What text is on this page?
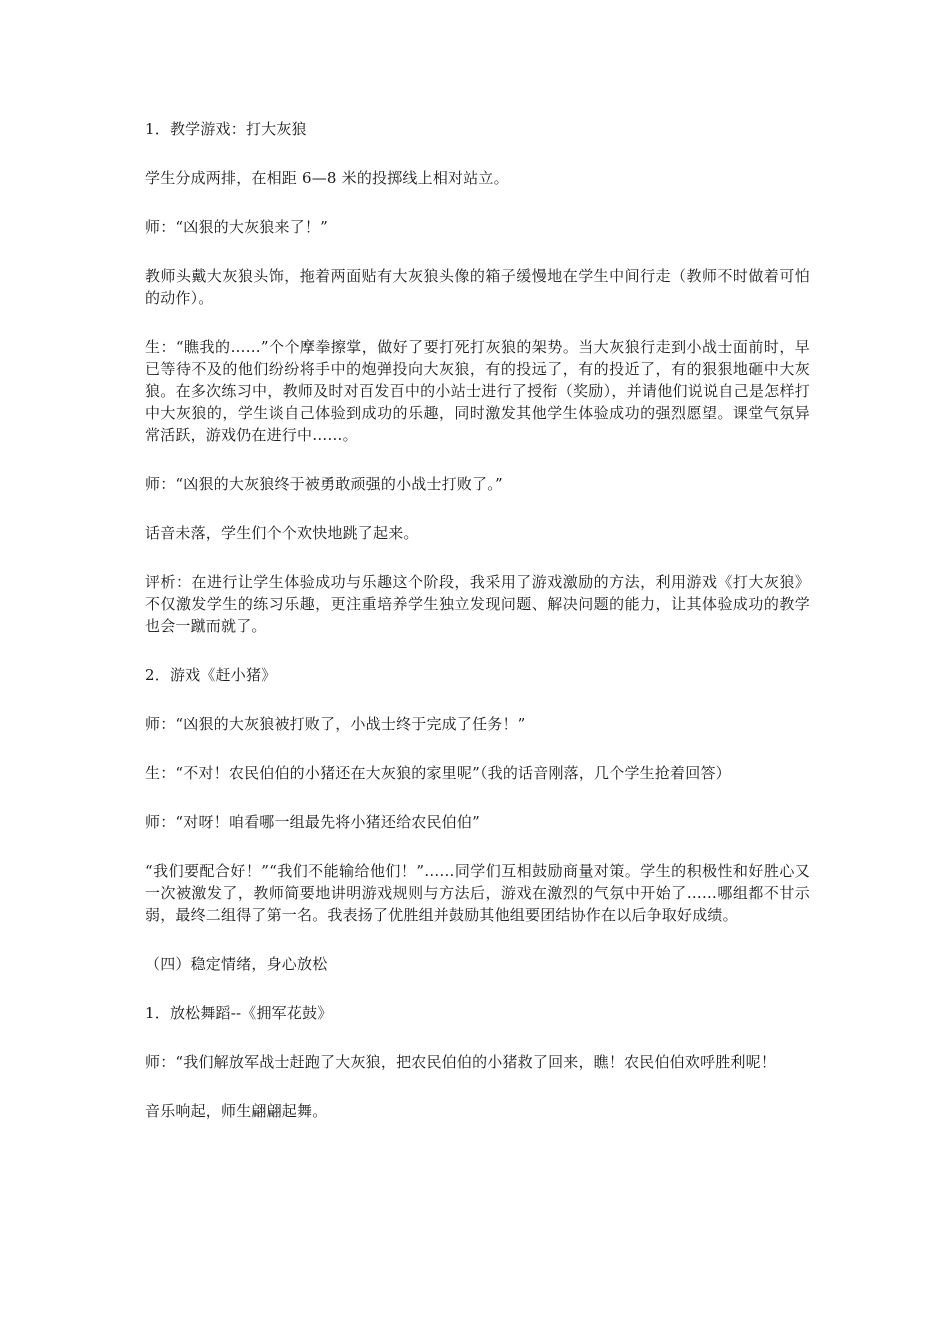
1．教学游戏：打大灰狼

学生分成两排，在相距 6—8 米的投掷线上相对站立。

师：“凶狠的大灰狼来了！”

教师头戴大灰狼头饰，拖着两面贴有大灰狼头像的箱子缓慢地在学生中间行走（教师不时做着可怕的动作）。

生：“瞧我的……”个个摩拳擦掌，做好了要打死打灰狼的架势。当大灰狼行走到小战士面前时，早已等待不及的他们纷纷将手中的炮弹投向大灰狼，有的投远了，有的投近了，有的狠狠地砸中大灰狼。在多次练习中，教师及时对百发百中的小站士进行了授衔（奖励），并请他们说说自己是怎样打中大灰狼的，学生谈自己体验到成功的乐趣，同时激发其他学生体验成功的强烈愿望。课堂气氛异常活跃，游戏仍在进行中……。

师：“凶狠的大灰狼终于被勇敢顽强的小战士打败了。”

话音未落，学生们个个欢快地跳了起来。

评析：在进行让学生体验成功与乐趣这个阶段，我采用了游戏激励的方法，利用游戏《打大灰狼》不仅激发学生的练习乐趣，更注重培养学生独立发现问题、解决问题的能力，让其体验成功的教学也会一蹴而就了。

2．游戏《赶小猪》

师：“凶狠的大灰狼被打败了，小战士终于完成了任务！”

生：“不对！农民伯伯的小猪还在大灰狼的家里呢”（我的话音刚落，几个学生抢着回答）

师：“对呀！咱看哪一组最先将小猪还给农民伯伯”

“我们要配合好！”“我们不能输给他们！”……同学们互相鼓励商量对策。学生的积极性和好胜心又一次被激发了，教师简要地讲明游戏规则与方法后，游戏在激烈的气氛中开始了……哪组都不甘示弱，最终二组得了第一名。我表扬了优胜组并鼓励其他组要团结协作在以后争取好成绩。

（四）稳定情绪，身心放松

1．放松舞蹈--《拥军花鼓》

师：“我们解放军战士赶跑了大灰狼，把农民伯伯的小猪救了回来，瞧！农民伯伯欢呼胜利呢！

音乐响起，师生翩翩起舞。
